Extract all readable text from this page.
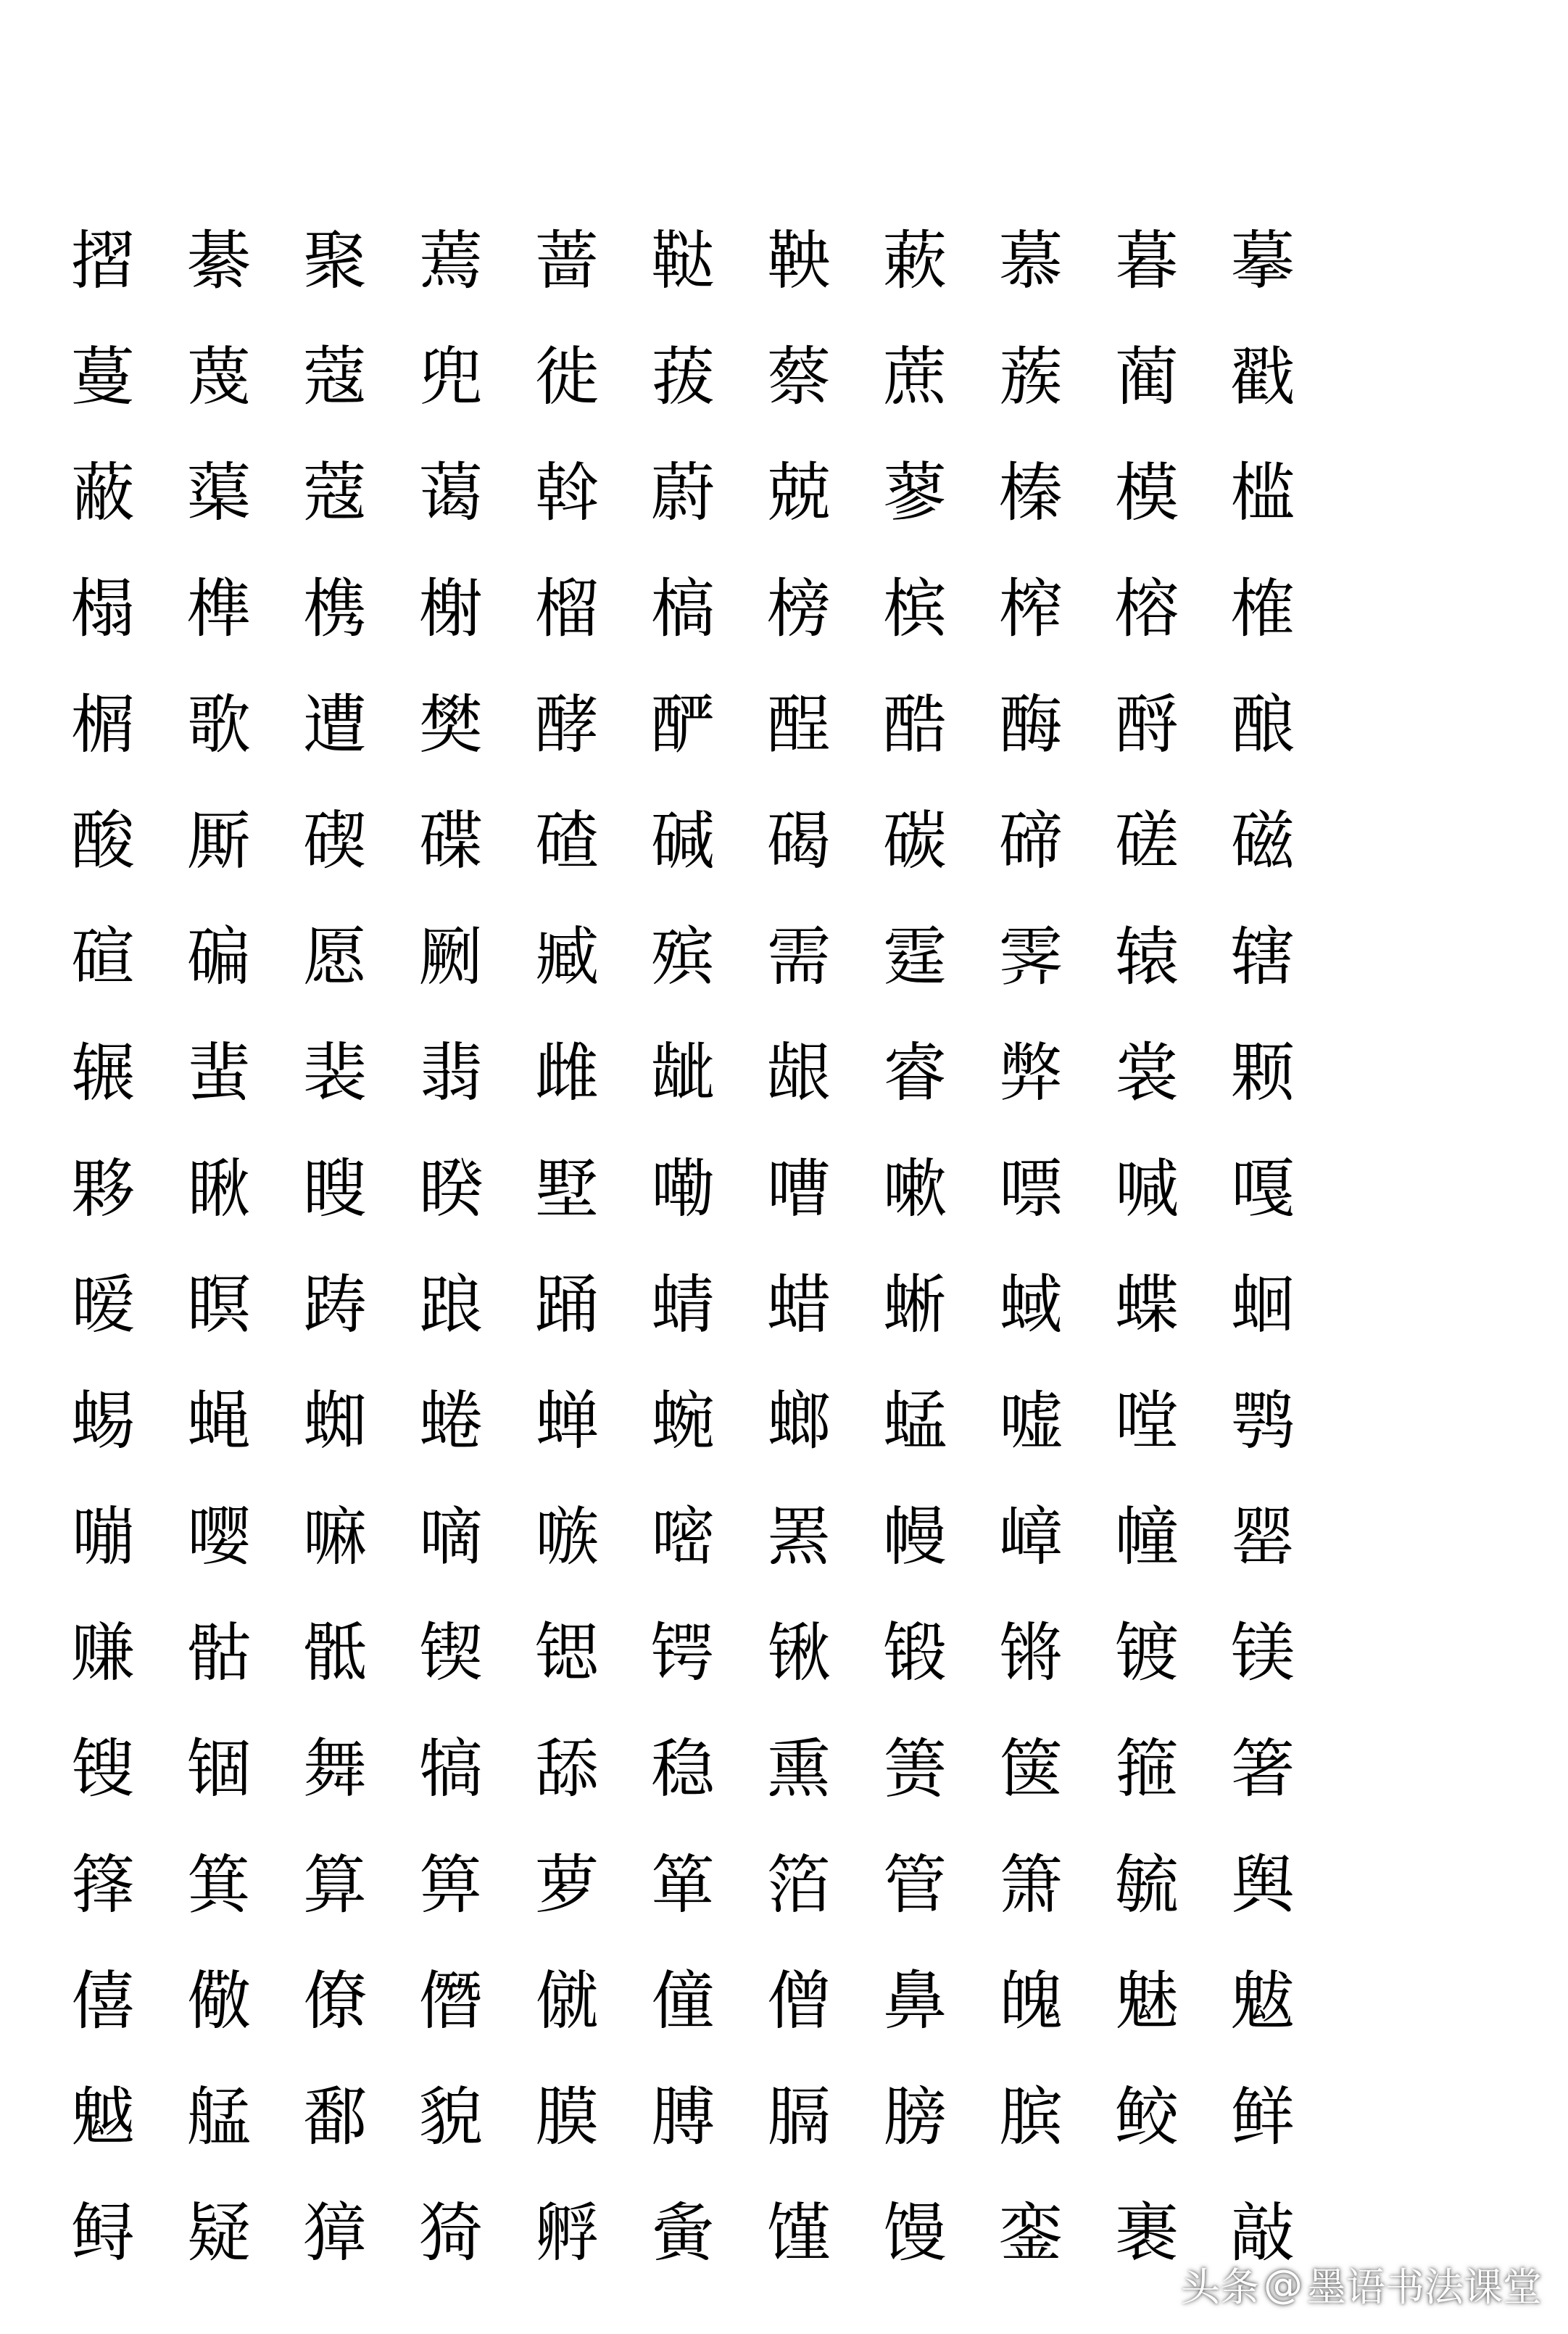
摺 綦 聚 蔫 蔷 鞑 鞅 蔌 慕 暮 摹
蔓 蔑 蔻 兜 徙 菝 蔡 蔗 蔟 蔺 戳
蔽 蕖 蔻 蔼 斡 蔚 兢 蓼 榛 模 槛
榻 榫 槜 榭 榴 槁 榜 槟 榨 榕 榷
榍 歌 遭 樊 酵 酽 酲 酷 酶 酹 酿
酸 厮 碶 碟 碴 碱 碣 碳 碲 磋 磁
碹 碥 愿 劂 臧 殡 需 霆 霁 辕 辖
辗 蜚 裴 翡 雌 龇 龈 睿 弊 裳 颗
夥 瞅 瞍 睽 墅 嘞 嘈 嗽 嘌 喊 嘎
暧 瞑 踌 踉 踊 蜻 蜡 蜥 蜮 蝶 蛔
蜴 蝇 蜘 蜷 蝉 蜿 螂 蜢 嘘 嘡 鹗
嘣 嘤 嘛 嘀 嗾 嘧 罴 幔 嶂 幢 罂
赚 骷 骶 锲 锶 锷 锹 锻 锵 镀 镁
锼 锢 舞 犒 舔 稳 熏 箦 箧 箍 箸
箨 箕 算 箅 萝 箪 箔 管 箫 毓 舆
僖 儆 僚 僭 僦 僮 僧 鼻 魄 魅 魃
魆 艋 鄱 貌 膜 膊 膈 膀 膑 鲛 鲜
鲟 疑 獐 猗 孵 夤 馑 馒 銮 裹 敲
头条 @ 墨语书法课堂
